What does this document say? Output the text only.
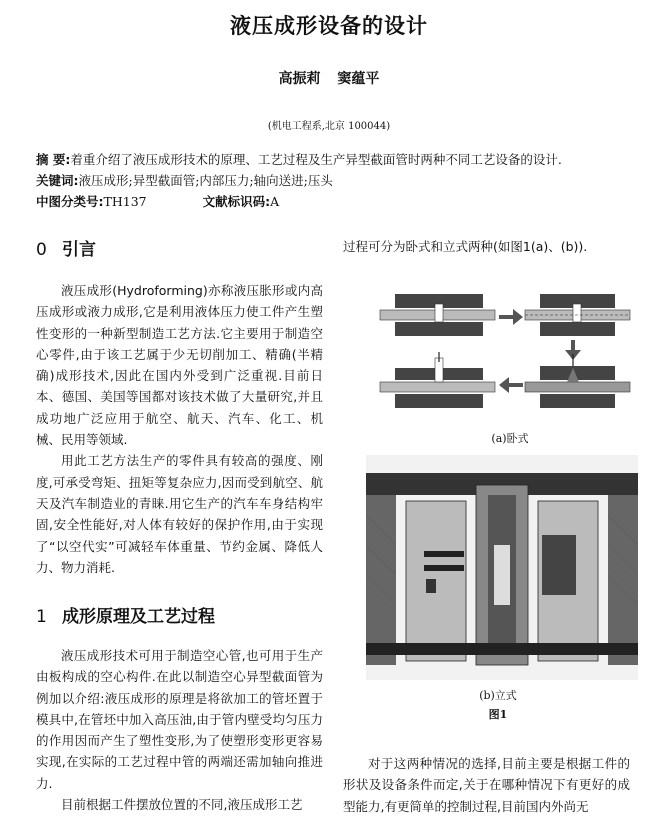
液压成形设备的设计
高振莉 窦蕴平
(机电工程系,北京 100044)
摘 要:着重介绍了液压成形技术的原理、工艺过程及生产异型截面管时两种不同工艺设备的设计.
关键词:液压成形;异型截面管;内部压力;轴向送进;压头
中图分类号:TH137	文献标识码:A
0 引言

液压成形(Hydroforming)亦称液压胀形或内高压成形或液力成形,它是利用液体压力使工件产生塑性变形的一种新型制造工艺方法.它主要用于制造空心零件,由于该工艺属于少无切削加工、精确(半精确)成形技术,因此在国内外受到广泛重视.目前日本、德国、美国等国都对该技术做了大量研究,并且成功地广泛应用于航空、航天、汽车、化工、机械、民用等领域.

用此工艺方法生产的零件具有较高的强度、刚度,可承受弯矩、扭矩等复杂应力,因而受到航空、航天及汽车制造业的青睐.用它生产的汽车车身结构牢固,安全性能好,对人体有较好的保护作用,由于实现了“以空代实”可减轻车体重量、节约金属、降低人力、物力消耗.

1 成形原理及工艺过程

液压成形技术可用于制造空心管,也可用于生产由板构成的空心构件.在此以制造空心异型截面管为例加以介绍:液压成形的原理是将欲加工的管坯置于模具中,在管坯中加入高压油,由于管内壁受均匀压力的作用因而产生了塑性变形,为了使塑形变形更容易实现,在实际的工艺过程中管的两端还需加轴向推进力.

目前根据工件摆放位置的不同,液压成形工艺

过程可分为卧式和立式两种(如图1(a)、(b)).

(a)卧式
(b)立式
图1

对于这两种情况的选择,目前主要是根据工件的形状及设备条件而定,关于在哪种情况下有更好的成型能力,有更简单的控制过程,目前国内外尚无
